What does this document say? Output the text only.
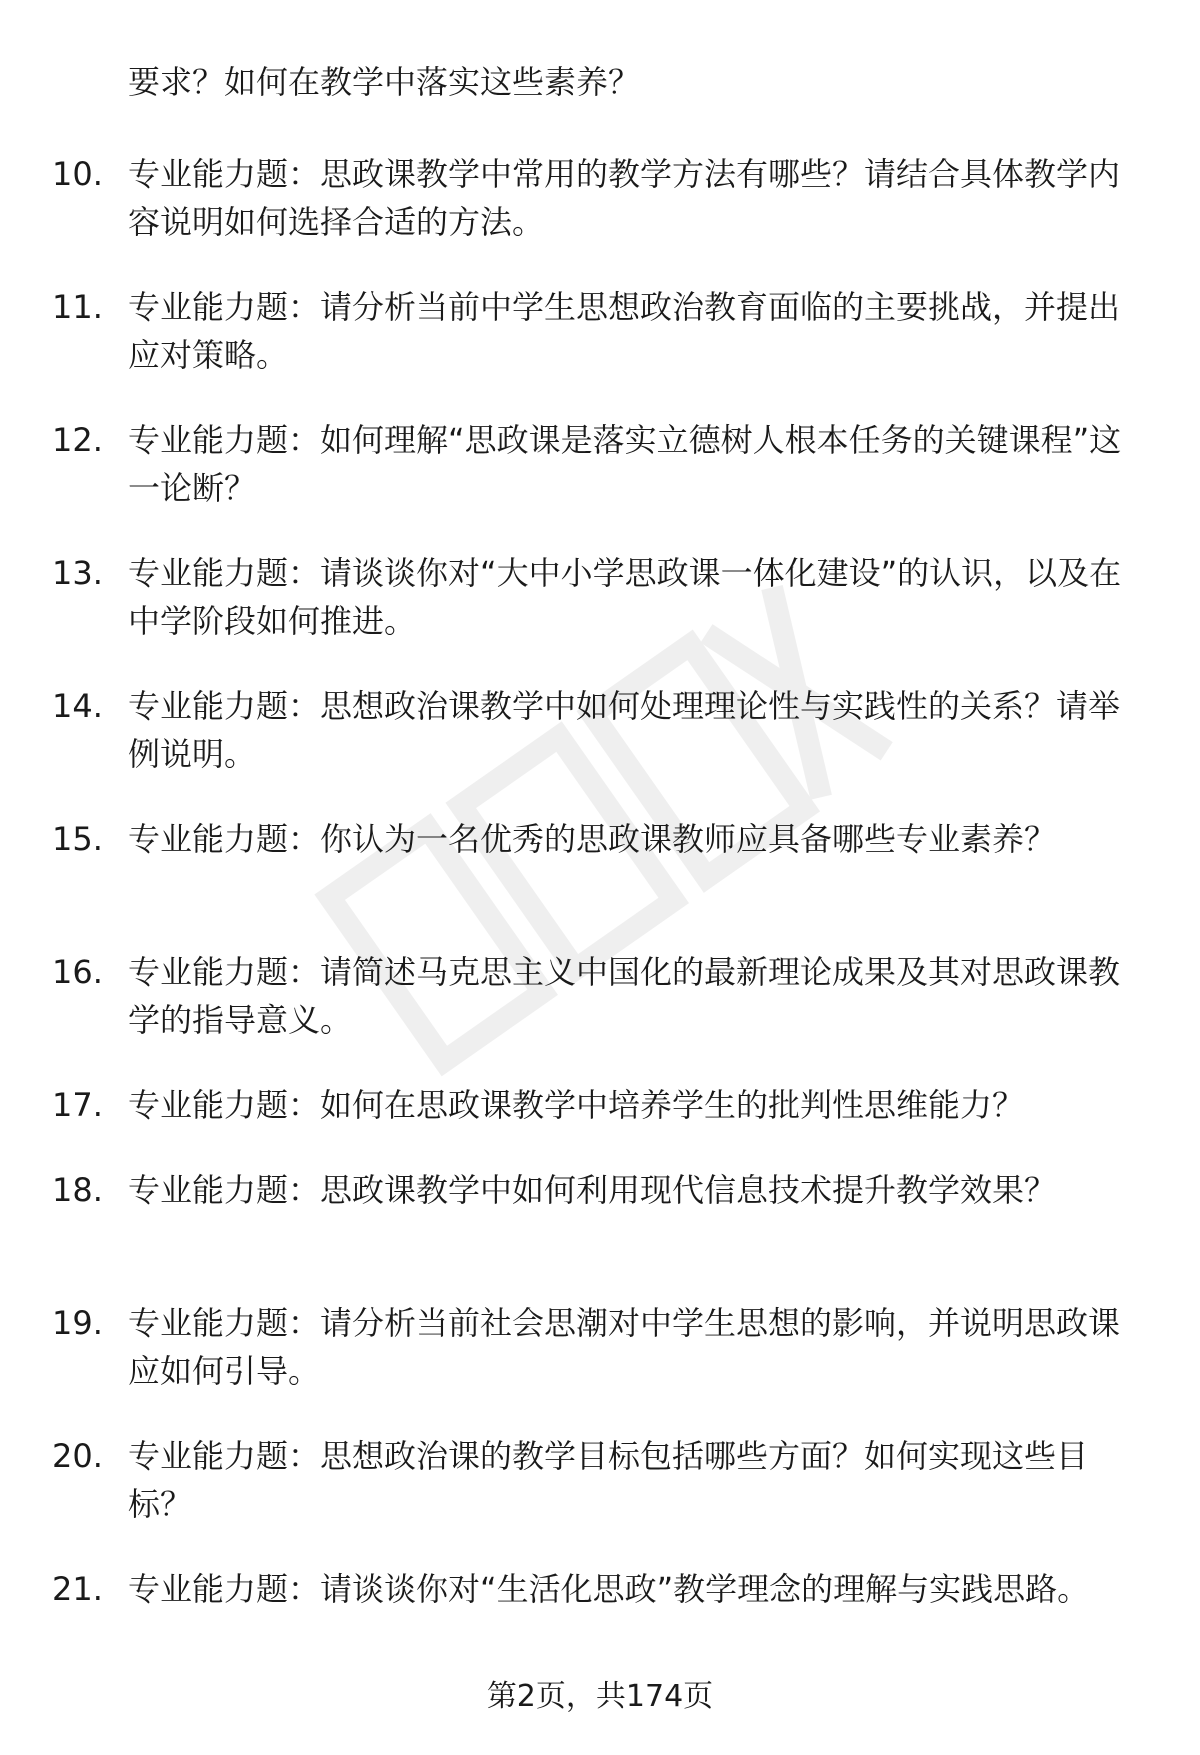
要求？如何在教学中落实这些素养？
10. 专业能力题：思政课教学中常用的教学方法有哪些？请结合具体教学内容说明如何选择合适的方法。
11. 专业能力题：请分析当前中学生思想政治教育面临的主要挑战，并提出应对策略。
12. 专业能力题：如何理解“思政课是落实立德树人根本任务的关键课程”这一论断？
13. 专业能力题：请谈谈你对“大中小学思政课一体化建设”的认识，以及在中学阶段如何推进。
14. 专业能力题：思想政治课教学中如何处理理论性与实践性的关系？请举例说明。
15. 专业能力题：你认为一名优秀的思政课教师应具备哪些专业素养？
16. 专业能力题：请简述马克思主义中国化的最新理论成果及其对思政课教学的指导意义。
17. 专业能力题：如何在思政课教学中培养学生的批判性思维能力？
18. 专业能力题：思政课教学中如何利用现代信息技术提升教学效果？
19. 专业能力题：请分析当前社会思潮对中学生思想的影响，并说明思政课应如何引导。
20. 专业能力题：思想政治课的教学目标包括哪些方面？如何实现这些目标？
21. 专业能力题：请谈谈你对“生活化思政”教学理念的理解与实践思路。
第2页，共174页
